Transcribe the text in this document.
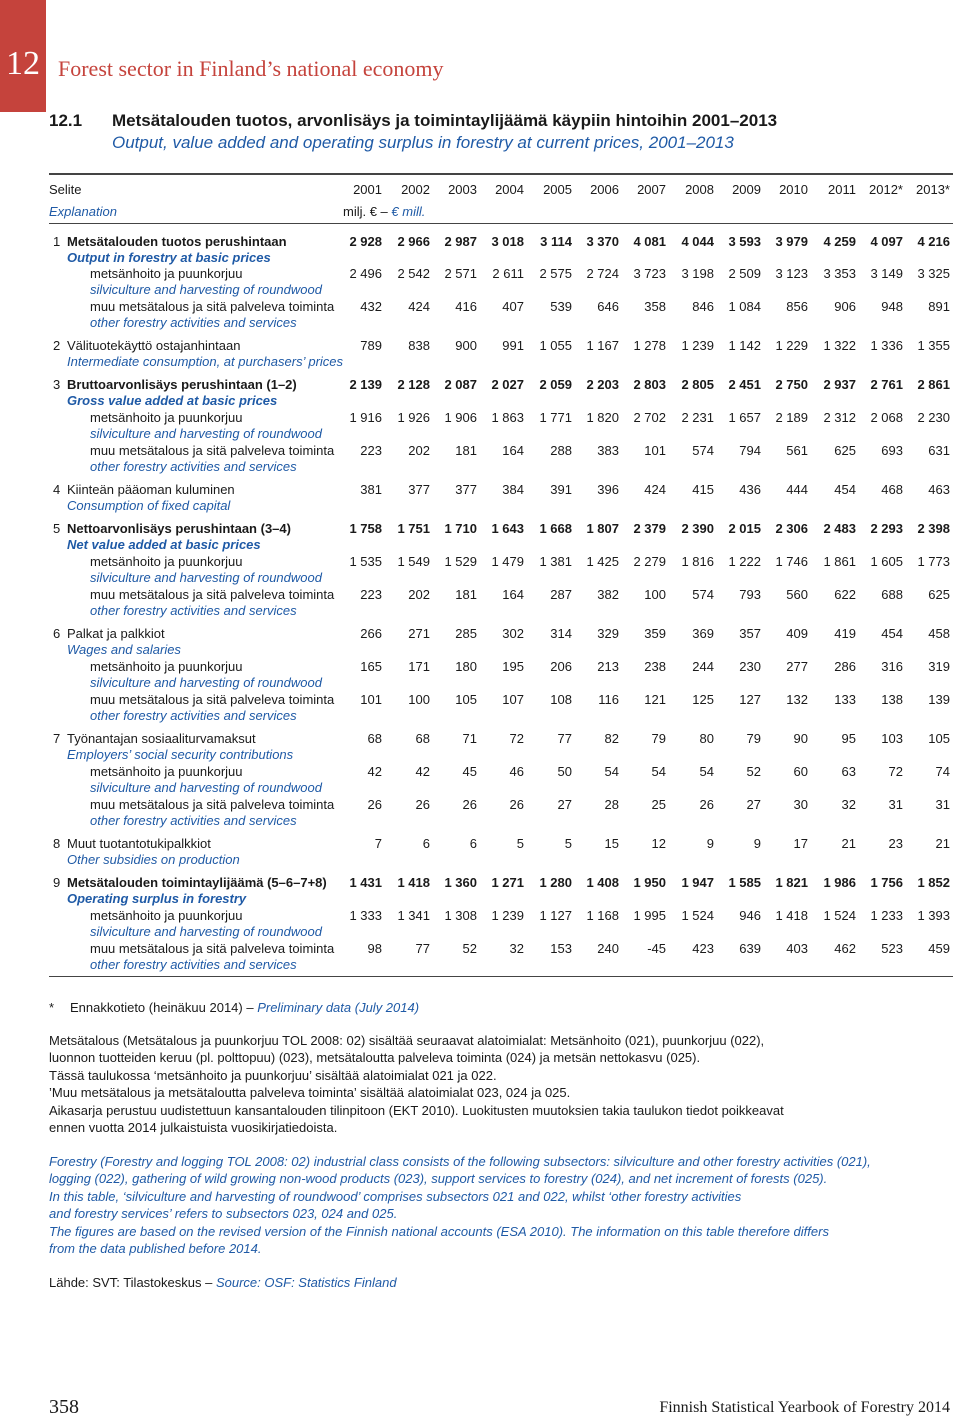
12 Forest sector in Finland’s national economy
12.1 Metsätalouden tuotos, arvonlisäys ja toimintaylijäämä käypiin hintoihin 2001–2013
Output, value added and operating surplus in forestry at current prices, 2001–2013
Selite
Explanation	milj. € – € mill.
2001	2002	2003	2004	2005	2006	2007	2008	2009	2010	2011	2012*	2013*
1 Metsätalouden tuotos perushintaan
Output in forestry at basic prices
2 928	2 966	2 987	3 018	3 114	3 370	4 081	4 044	3 593	3 979	4 259	4 097	4 216
metsänhoito ja puunkorjuu
silviculture and harvesting of roundwood
2 496	2 542	2 571	2 611	2 575	2 724	3 723	3 198	2 509	3 123	3 353	3 149	3 325
muu metsätalous ja sitä palveleva toiminta
other forestry activities and services
432	424	416	407	539	646	358	846	1 084	856	906	948	891
2 Välituotekäyttö ostajanhintaan
Intermediate consumption, at purchasers’ prices
789	838	900	991	1 055	1 167	1 278	1 239	1 142	1 229	1 322	1 336	1 355
3 Bruttoarvonlisäys perushintaan (1–2)
Gross value added at basic prices
2 139	2 128	2 087	2 027	2 059	2 203	2 803	2 805	2 451	2 750	2 937	2 761	2 861
metsänhoito ja puunkorjuu
silviculture and harvesting of roundwood
1 916	1 926	1 906	1 863	1 771	1 820	2 702	2 231	1 657	2 189	2 312	2 068	2 230
muu metsätalous ja sitä palveleva toiminta
other forestry activities and services
223	202	181	164	288	383	101	574	794	561	625	693	631
4 Kiinteän pääoman kuluminen
Consumption of fixed capital
381	377	377	384	391	396	424	415	436	444	454	468	463
5 Nettoarvonlisäys perushintaan (3–4)
Net value added at basic prices
1 758	1 751	1 710	1 643	1 668	1 807	2 379	2 390	2 015	2 306	2 483	2 293	2 398
metsänhoito ja puunkorjuu
silviculture and harvesting of roundwood
1 535	1 549	1 529	1 479	1 381	1 425	2 279	1 816	1 222	1 746	1 861	1 605	1 773
muu metsätalous ja sitä palveleva toiminta
other forestry activities and services
223	202	181	164	287	382	100	574	793	560	622	688	625
6 Palkat ja palkkiot
Wages and salaries
266	271	285	302	314	329	359	369	357	409	419	454	458
metsänhoito ja puunkorjuu
silviculture and harvesting of roundwood
165	171	180	195	206	213	238	244	230	277	286	316	319
muu metsätalous ja sitä palveleva toiminta
other forestry activities and services
101	100	105	107	108	116	121	125	127	132	133	138	139
7 Työnantajan sosiaaliturvamaksut
Employers’ social security contributions
68	68	71	72	77	82	79	80	79	90	95	103	105
metsänhoito ja puunkorjuu
silviculture and harvesting of roundwood
42	42	45	46	50	54	54	54	52	60	63	72	74
muu metsätalous ja sitä palveleva toiminta
other forestry activities and services
26	26	26	26	27	28	25	26	27	30	32	31	31
8 Muut tuotantotukipalkkiot
Other subsidies on production
7	6	6	5	5	15	12	9	9	17	21	23	21
9 Metsätalouden toimintaylijäämä (5–6–7+8)
Operating surplus in forestry
1 431	1 418	1 360	1 271	1 280	1 408	1 950	1 947	1 585	1 821	1 986	1 756	1 852
metsänhoito ja puunkorjuu
silviculture and harvesting of roundwood
1 333	1 341	1 308	1 239	1 127	1 168	1 995	1 524	946	1 418	1 524	1 233	1 393
muu metsätalous ja sitä palveleva toiminta
other forestry activities and services
98	77	52	32	153	240	-45	423	639	403	462	523	459
* Ennakkotieto (heinäkuu 2014) – Preliminary data (July 2014)
Metsätalous (Metsätalous ja puunkorjuu TOL 2008: 02) sisältää seuraavat alatoimialat: Metsänhoito (021), puunkorjuu (022),
luonnon tuotteiden keruu (pl. polttopuu) (023), metsätaloutta palveleva toiminta (024) ja metsän nettokasvu (025).
Tässä taulukossa ‘metsänhoito ja puunkorjuu’ sisältää alatoimialat 021 ja 022.
’Muu metsätalous ja metsätaloutta palveleva toiminta’ sisältää alatoimialat 023, 024 ja 025.
Aikasarja perustuu uudistettuun kansantalouden tilinpitoon (EKT 2010). Luokitusten muutoksien takia taulukon tiedot poikkeavat
ennen vuotta 2014 julkaistuista vuosikirjatiedoista.
Forestry (Forestry and logging TOL 2008: 02) industrial class consists of the following subsectors: silviculture and other forestry activities (021),
logging (022), gathering of wild growing non-wood products (023), support services to forestry (024), and net increment of forests (025).
In this table, ‘silviculture and harvesting of roundwood’ comprises subsectors 021 and 022, whilst ‘other forestry activities
and forestry services’ refers to subsectors 023, 024 and 025.
The figures are based on the revised version of the Finnish national accounts (ESA 2010). The information on this table therefore differs
from the data published before 2014.
Lähde: SVT: Tilastokeskus – Source: OSF: Statistics Finland
358	Finnish Statistical Yearbook of Forestry 2014
